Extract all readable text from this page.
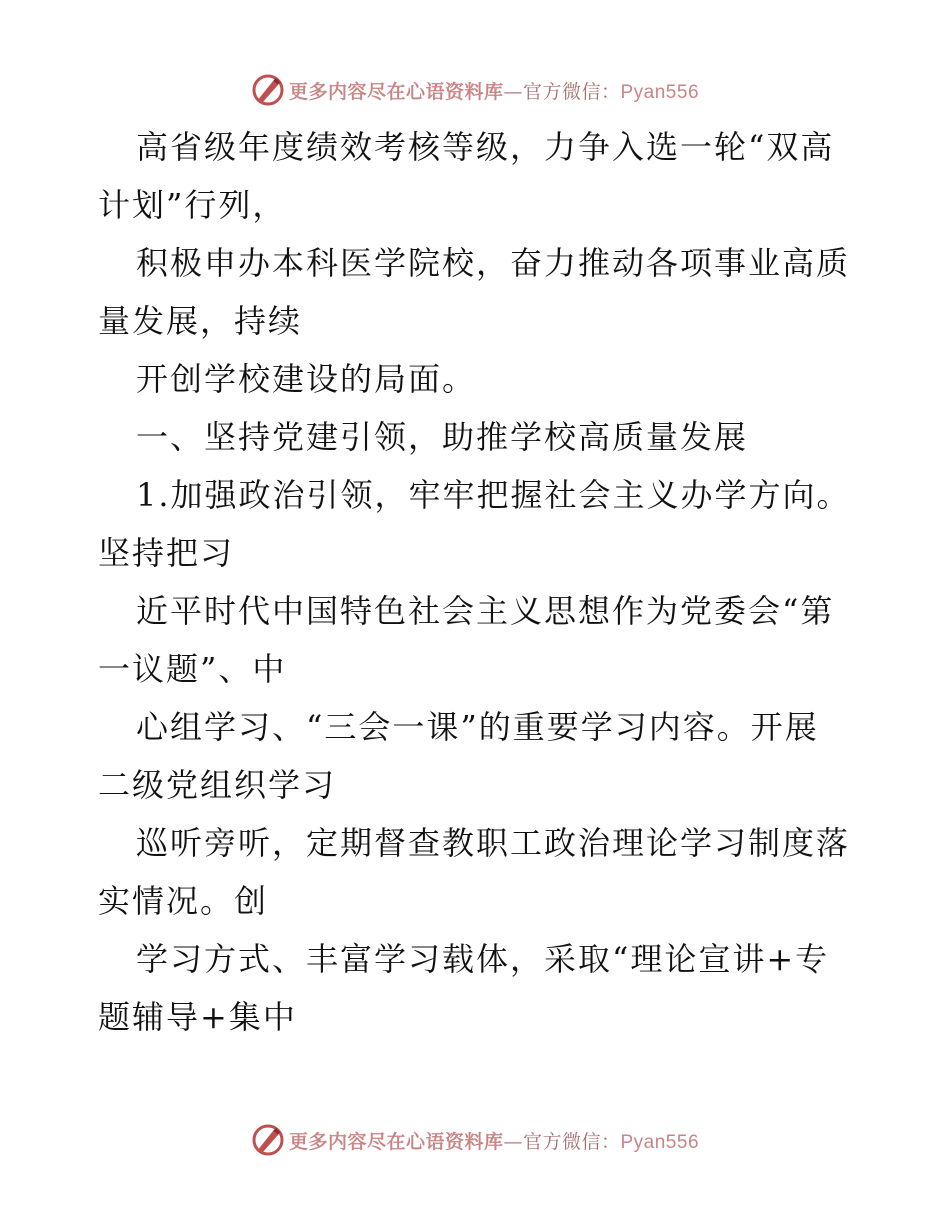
更多内容尽在心语资料库—官方微信：Pyan556
高省级年度绩效考核等级，力争入选一轮“双高
计划”行列，
积极申办本科医学院校，奋力推动各项事业高质
量发展，持续
开创学校建设的局面。
一、坚持党建引领，助推学校高质量发展
1.加强政治引领，牢牢把握社会主义办学方向。
坚持把习
近平时代中国特色社会主义思想作为党委会“第
一议题”、中
心组学习、“三会一课”的重要学习内容。开展
二级党组织学习
巡听旁听，定期督查教职工政治理论学习制度落
实情况。创
学习方式、丰富学习载体，采取“理论宣讲+专
题辅导+集中
更多内容尽在心语资料库—官方微信：Pyan556
